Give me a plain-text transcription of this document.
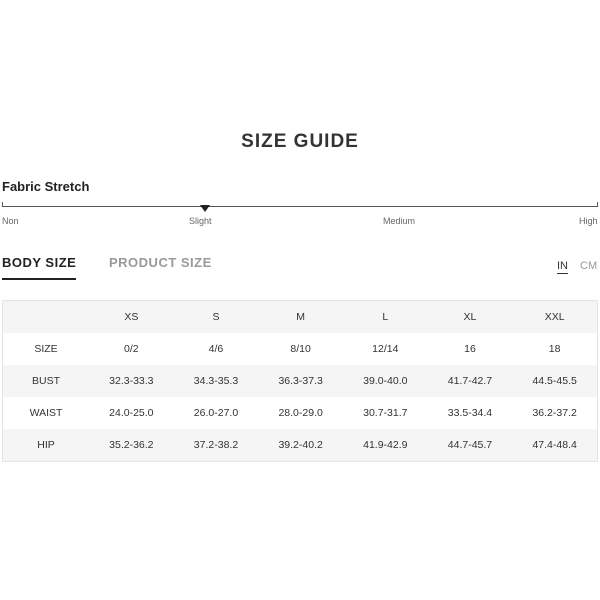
SIZE GUIDE
Fabric Stretch
Non	Slight	Medium	High
BODY SIZE	PRODUCT SIZE	IN CM
	XS	S	M	L	XL	XXL
SIZE	0/2	4/6	8/10	12/14	16	18
BUST	32.3-33.3	34.3-35.3	36.3-37.3	39.0-40.0	41.7-42.7	44.5-45.5
WAIST	24.0-25.0	26.0-27.0	28.0-29.0	30.7-31.7	33.5-34.4	36.2-37.2
HIP	35.2-36.2	37.2-38.2	39.2-40.2	41.9-42.9	44.7-45.7	47.4-48.4
